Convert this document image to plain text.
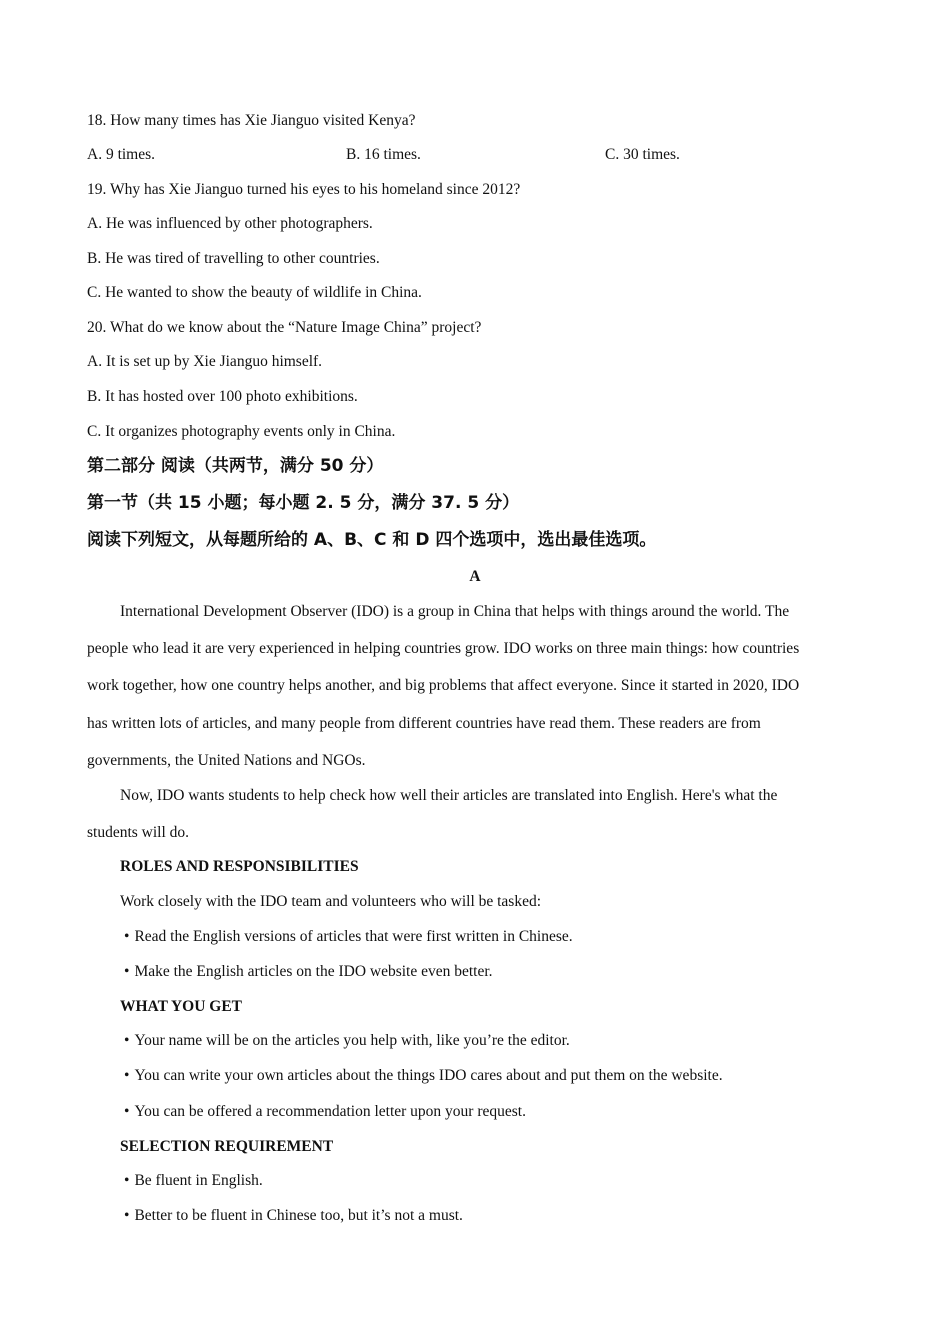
18. How many times has Xie Jianguo visited Kenya?
A. 9 times.	B. 16 times.	C. 30 times.
19. Why has Xie Jianguo turned his eyes to his homeland since 2012?
A. He was influenced by other photographers.
B. He was tired of travelling to other countries.
C. He wanted to show the beauty of wildlife in China.
20. What do we know about the “Nature Image China” project?
A. It is set up by Xie Jianguo himself.
B. It has hosted over 100 photo exhibitions.
C. It organizes photography events only in China.
第二部分 阅读（共两节，满分 50 分）
第一节（共 15 小题；每小题 2. 5 分，满分 37. 5 分）
阅读下列短文，从每题所给的 A、B、C 和 D 四个选项中，选出最佳选项。
A
International Development Observer (IDO) is a group in China that helps with things around the world. The
people who lead it are very experienced in helping countries grow. IDO works on three main things: how countries
work together, how one country helps another, and big problems that affect everyone. Since it started in 2020, IDO
has written lots of articles, and many people from different countries have read them. These readers are from
governments, the United Nations and NGOs.
Now, IDO wants students to help check how well their articles are translated into English. Here's what the
students will do.
ROLES AND RESPONSIBILITIES
Work closely with the IDO team and volunteers who will be tasked:
• Read the English versions of articles that were first written in Chinese.
• Make the English articles on the IDO website even better.
WHAT YOU GET
• Your name will be on the articles you help with, like you’re the editor.
• You can write your own articles about the things IDO cares about and put them on the website.
• You can be offered a recommendation letter upon your request.
SELECTION REQUIREMENT
• Be fluent in English.
• Better to be fluent in Chinese too, but it’s not a must.
